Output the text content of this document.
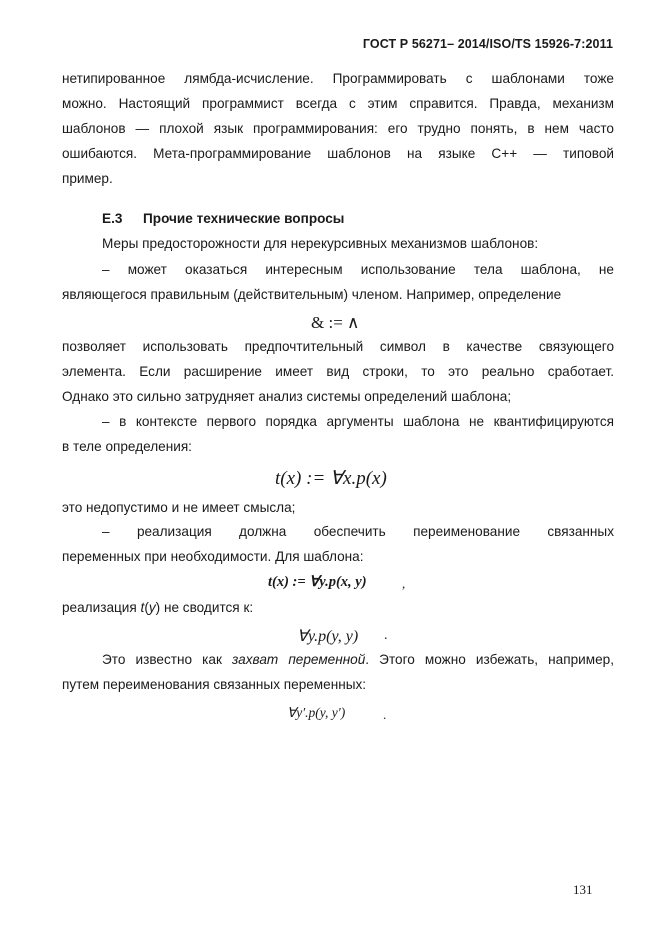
ГОСТ Р 56271– 2014/ISO/TS 15926-7:2011
нетипированное лямбда-исчисление. Программировать с шаблонами тоже
можно. Настоящий программист всегда с этим справится. Правда, механизм
шаблонов — плохой язык программирования: его трудно понять, в нем часто
ошибаются. Мета-программирование шаблонов на языке С++ — типовой
пример.
Е.3 Прочие технические вопросы
Меры предосторожности для нерекурсивных механизмов шаблонов:
– может оказаться интересным использование тела шаблона, не
являющегося правильным (действительным) членом. Например, определение
& := ∧
позволяет использовать предпочтительный символ в качестве связующего
элемента. Если расширение имеет вид строки, то это реально сработает.
Однако это сильно затрудняет анализ системы определений шаблона;
– в контексте первого порядка аргументы шаблона не квантифицируются
в теле определения:
t(x) := ∀x.p(x)
это недопустимо и не имеет смысла;
– реализация должна обеспечить переименование связанных
переменных при необходимости. Для шаблона:
t(x) := ∀y.p(x, y)	,
реализация t(y) не сводится к:
∀y.p(y, y) .
Это известно как захват переменной. Этого можно избежать, например,
путем переименования связанных переменных:
∀y′.p(y, y′)	.
131
